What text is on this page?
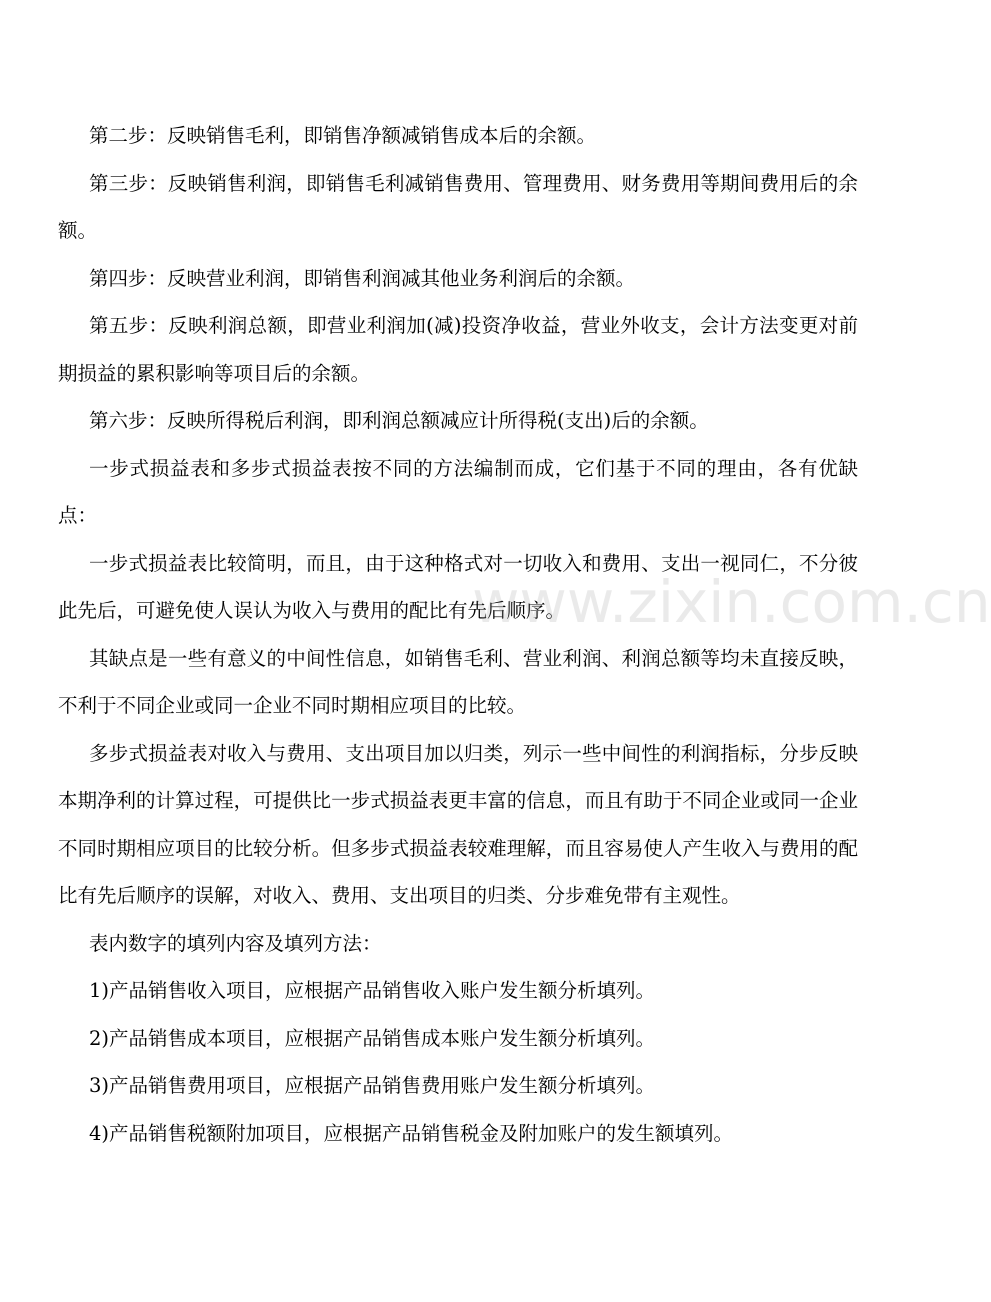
第二步：反映销售毛利，即销售净额减销售成本后的余额。

第三步：反映销售利润，即销售毛利减销售费用、管理费用、财务费用等期间费用后的余额。

第四步：反映营业利润，即销售利润减其他业务利润后的余额。

第五步：反映利润总额，即营业利润加(减)投资净收益，营业外收支，会计方法变更对前期损益的累积影响等项目后的余额。

第六步：反映所得税后利润，即利润总额减应计所得税(支出)后的余额。

一步式损益表和多步式损益表按不同的方法编制而成，它们基于不同的理由，各有优缺点：

一步式损益表比较简明，而且，由于这种格式对一切收入和费用、支出一视同仁，不分彼此先后，可避免使人误认为收入与费用的配比有先后顺序。

其缺点是一些有意义的中间性信息，如销售毛利、营业利润、利润总额等均未直接反映，不利于不同企业或同一企业不同时期相应项目的比较。

多步式损益表对收入与费用、支出项目加以归类，列示一些中间性的利润指标，分步反映本期净利的计算过程，可提供比一步式损益表更丰富的信息，而且有助于不同企业或同一企业不同时期相应项目的比较分析。但多步式损益表较难理解，而且容易使人产生收入与费用的配比有先后顺序的误解，对收入、费用、支出项目的归类、分步难免带有主观性。

表内数字的填列内容及填列方法：

1)产品销售收入项目，应根据产品销售收入账户发生额分析填列。

2)产品销售成本项目，应根据产品销售成本账户发生额分析填列。

3)产品销售费用项目，应根据产品销售费用账户发生额分析填列。

4)产品销售税额附加项目，应根据产品销售税金及附加账户的发生额填列。

www.zixin.com.cn
